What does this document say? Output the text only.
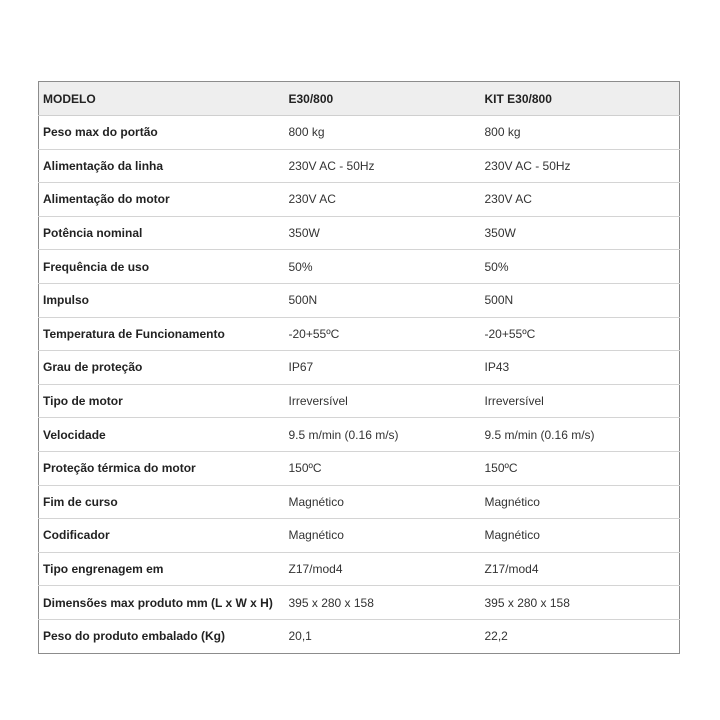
MODELO	E30/800	KIT E30/800
Peso max do portão	800 kg	800 kg
Alimentação da linha	230V AC - 50Hz	230V AC - 50Hz
Alimentação do motor	230V AC	230V AC
Potência nominal	350W	350W
Frequência de uso	50%	50%
Impulso	500N	500N
Temperatura de Funcionamento	-20+55ºC	-20+55ºC
Grau de proteção	IP67	IP43
Tipo de motor	Irreversível	Irreversível
Velocidade	9.5 m/min (0.16 m/s)	9.5 m/min (0.16 m/s)
Proteção térmica do motor	150ºC	150ºC
Fim de curso	Magnético	Magnético
Codificador	Magnético	Magnético
Tipo engrenagem em	Z17/mod4	Z17/mod4
Dimensões max produto mm (L x W x H)	395 x 280 x 158	395 x 280 x 158
Peso do produto embalado (Kg)	20,1	22,2
